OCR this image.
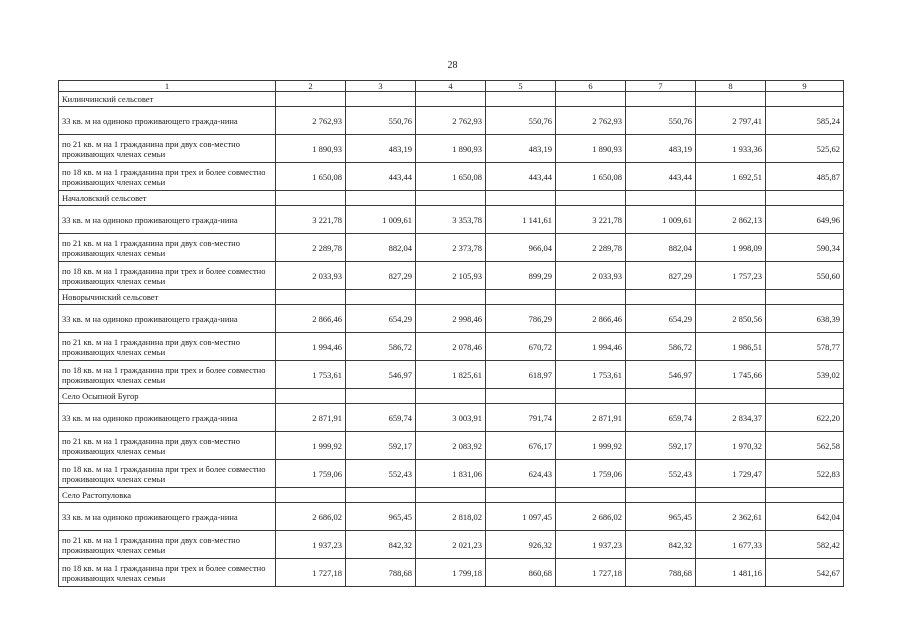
28
1	2	3	4	5	6	7	8	9
Килинчинский сельсовет								
33 кв. м на одиноко проживающего гражда-нина	2 762,93	550,76	2 762,93	550,76	2 762,93	550,76	2 797,41	585,24
по 21 кв. м на 1 гражданина при двух сов-местно проживающих членах семьи	1 890,93	483,19	1 890,93	483,19	1 890,93	483,19	1 933,36	525,62
по 18 кв. м на 1 гражданина при трех и более совместно проживающих членах семьи	1 650,08	443,44	1 650,08	443,44	1 650,08	443,44	1 692,51	485,87
Началовский сельсовет								
33 кв. м на одиноко проживающего гражда-нина	3 221,78	1 009,61	3 353,78	1 141,61	3 221,78	1 009,61	2 862,13	649,96
по 21 кв. м на 1 гражданина при двух сов-местно проживающих членах семьи	2 289,78	882,04	2 373,78	966,04	2 289,78	882,04	1 998,09	590,34
по 18 кв. м на 1 гражданина при трех и более совместно проживающих членах семьи	2 033,93	827,29	2 105,93	899,29	2 033,93	827,29	1 757,23	550,60
Новорычинский сельсовет								
33 кв. м на одиноко проживающего гражда-нина	2 866,46	654,29	2 998,46	786,29	2 866,46	654,29	2 850,56	638,39
по 21 кв. м на 1 гражданина при двух сов-местно проживающих членах семьи	1 994,46	586,72	2 078,46	670,72	1 994,46	586,72	1 986,51	578,77
по 18 кв. м на 1 гражданина при трех и более совместно проживающих членах семьи	1 753,61	546,97	1 825,61	618,97	1 753,61	546,97	1 745,66	539,02
Село Осыпной Бугор								
33 кв. м на одиноко проживающего гражда-нина	2 871,91	659,74	3 003,91	791,74	2 871,91	659,74	2 834,37	622,20
по 21 кв. м на 1 гражданина при двух сов-местно проживающих членах семьи	1 999,92	592,17	2 083,92	676,17	1 999,92	592,17	1 970,32	562,58
по 18 кв. м на 1 гражданина при трех и более совместно проживающих членах семьи	1 759,06	552,43	1 831,06	624,43	1 759,06	552,43	1 729,47	522,83
Село Растопуловка								
33 кв. м на одиноко проживающего гражда-нина	2 686,02	965,45	2 818,02	1 097,45	2 686,02	965,45	2 362,61	642,04
по 21 кв. м на 1 гражданина при двух сов-местно проживающих членах семьи	1 937,23	842,32	2 021,23	926,32	1 937,23	842,32	1 677,33	582,42
по 18 кв. м на 1 гражданина при трех и более совместно проживающих членах семьи	1 727,18	788,68	1 799,18	860,68	1 727,18	788,68	1 481,16	542,67
